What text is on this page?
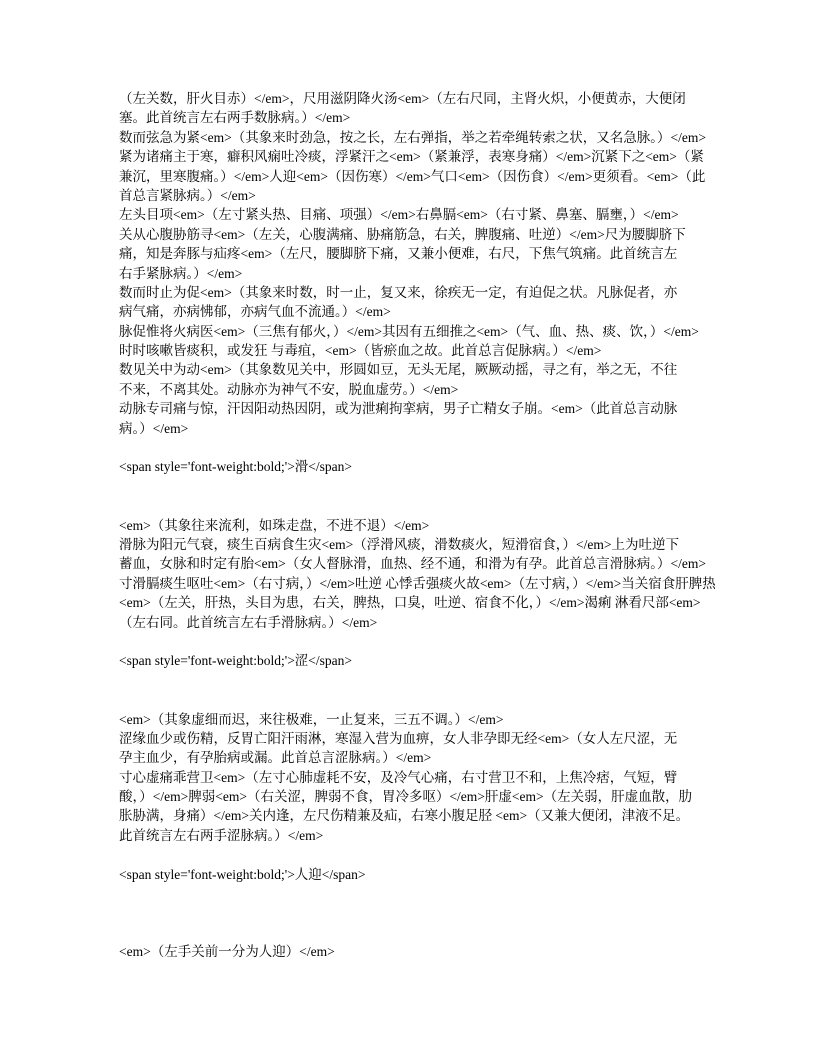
（左关数，肝火目赤）</em>，尺用滋阴降火汤<em>（左右尺同，主肾火炽，小便黄赤，大便闭
塞。此首统言左右两手数脉病。）</em>
数而弦急为紧<em>（其象来时劲急，按之长，左右弹指，举之若牵绳转索之状，又名急脉。）</em>
紧为诸痛主于寒，癖积风痫吐冷痰，浮紧汗之<em>（紧兼浮，表寒身痛）</em>沉紧下之<em>（紧
兼沉，里寒腹痛。）</em>人迎<em>（因伤寒）</em>气口<em>（因伤食）</em>更须看。<em>（此
首总言紧脉病。）</em>
左头目项<em>（左寸紧头热、目痛、项强）</em>右鼻膈<em>（右寸紧、鼻塞、膈壅，）</em>
关从心腹胁筋寻<em>（左关，心腹满痛、胁痛筋急，右关，脾腹痛、吐逆）</em>尺为腰脚脐下
痛，知是奔豚与疝疼<em>（左尺，腰脚脐下痛，又兼小便难，右尺，下焦气筑痛。此首统言左
右手紧脉病。）</em>
数而时止为促<em>（其象来时数，时一止，复又来，徐疾无一定，有迫促之状。凡脉促者，亦
病气痛，亦病怫郁，亦病气血不流通。）</em>
脉促惟将火病医<em>（三焦有郁火，）</em>其因有五细推之<em>（气、血、热、痰、饮，）</em>
时时咳嗽皆痰积，或发狂 与毒疽，<em>（皆瘀血之故。此首总言促脉病。）</em>
数见关中为动<em>（其象数见关中，形圆如豆，无头无尾，厥厥动摇，寻之有，举之无，不往
不来，不离其处。动脉亦为神气不安，脱血虚劳。）</em>
动脉专司痛与惊，汗因阳动热因阴，或为泄痢拘挛病，男子亡精女子崩。<em>（此首总言动脉
病。）</em>
<span style='font-weight:bold;'>滑</span>
<em>（其象往来流利，如珠走盘，不进不退）</em>
滑脉为阳元气衰，痰生百病食生灾<em>（浮滑风痰，滑数痰火，短滑宿食，）</em>上为吐逆下
蓄血，女脉和时定有胎<em>（女人督脉滑，血热、经不通，和滑为有孕。此首总言滑脉病。）</em>
寸滑膈痰生呕吐<em>（右寸病，）</em>吐逆 心悸舌强痰火故<em>（左寸病，）</em>当关宿食肝脾热
<em>（左关，肝热，头目为患，右关，脾热，口臭，吐逆、宿食不化，）</em>渴痢 淋看尺部<em>
（左右同。此首统言左右手滑脉病。）</em>
<span style='font-weight:bold;'>涩</span>
<em>（其象虚细而迟，来往极难，一止复来，三五不调。）</em>
涩缘血少或伤精，反胃亡阳汗雨淋，寒湿入营为血痹，女人非孕即无经<em>（女人左尺涩，无
孕主血少，有孕胎病或漏。此首总言涩脉病。）</em>
寸心虚痛乖营卫<em>（左寸心肺虚耗不安，及冷气心痛，右寸营卫不和，上焦冷痞，气短，臂
酸，）</em>脾弱<em>（右关涩，脾弱不食，胃冷多呕）</em>肝虚<em>（左关弱，肝虚血散，肋
胀胁满，身痛）</em>关内逢，左尺伤精兼及疝，右寒小腹足胫 <em>（又兼大便闭，津液不足。
此首统言左右两手涩脉病。）</em>
<span style='font-weight:bold;'>人迎</span>
<em>（左手关前一分为人迎）</em>
